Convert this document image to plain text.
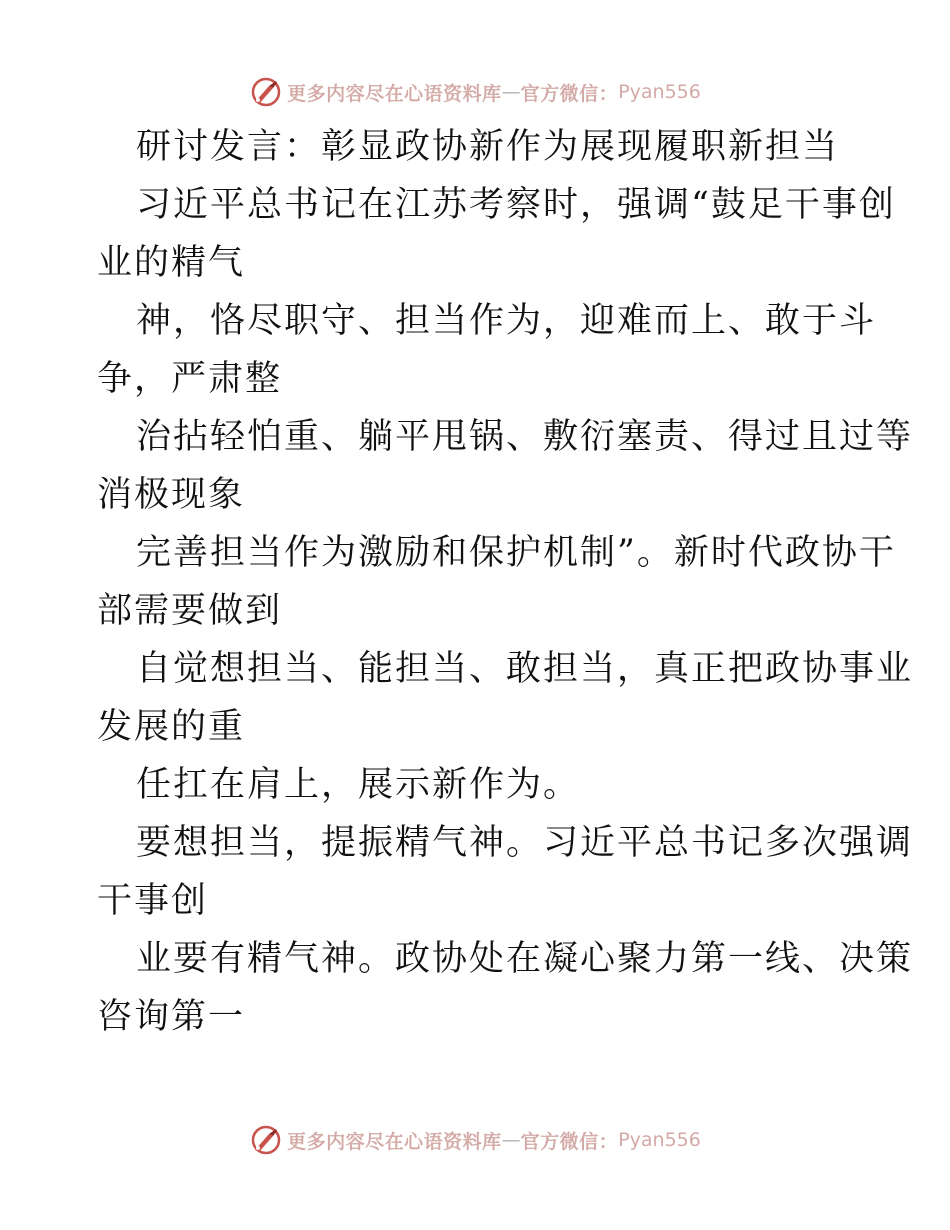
更多内容尽在心语资料库 — 官方微信： Pyan556
研讨发言：彰显政协新作为展现履职新担当
习近平总书记在江苏考察时，强调“鼓足干事创
业的精气
神，恪尽职守、担当作为，迎难而上、敢于斗
争，严肃整
治拈轻怕重、躺平甩锅、敷衍塞责、得过且过等
消极现象
完善担当作为激励和保护机制”。新时代政协干
部需要做到
自觉想担当、能担当、敢担当，真正把政协事业
发展的重
任扛在肩上，展示新作为。
要想担当，提振精气神。习近平总书记多次强调
干事创
业要有精气神。政协处在凝心聚力第一线、决策
咨询第一
更多内容尽在心语资料库 — 官方微信： Pyan556
